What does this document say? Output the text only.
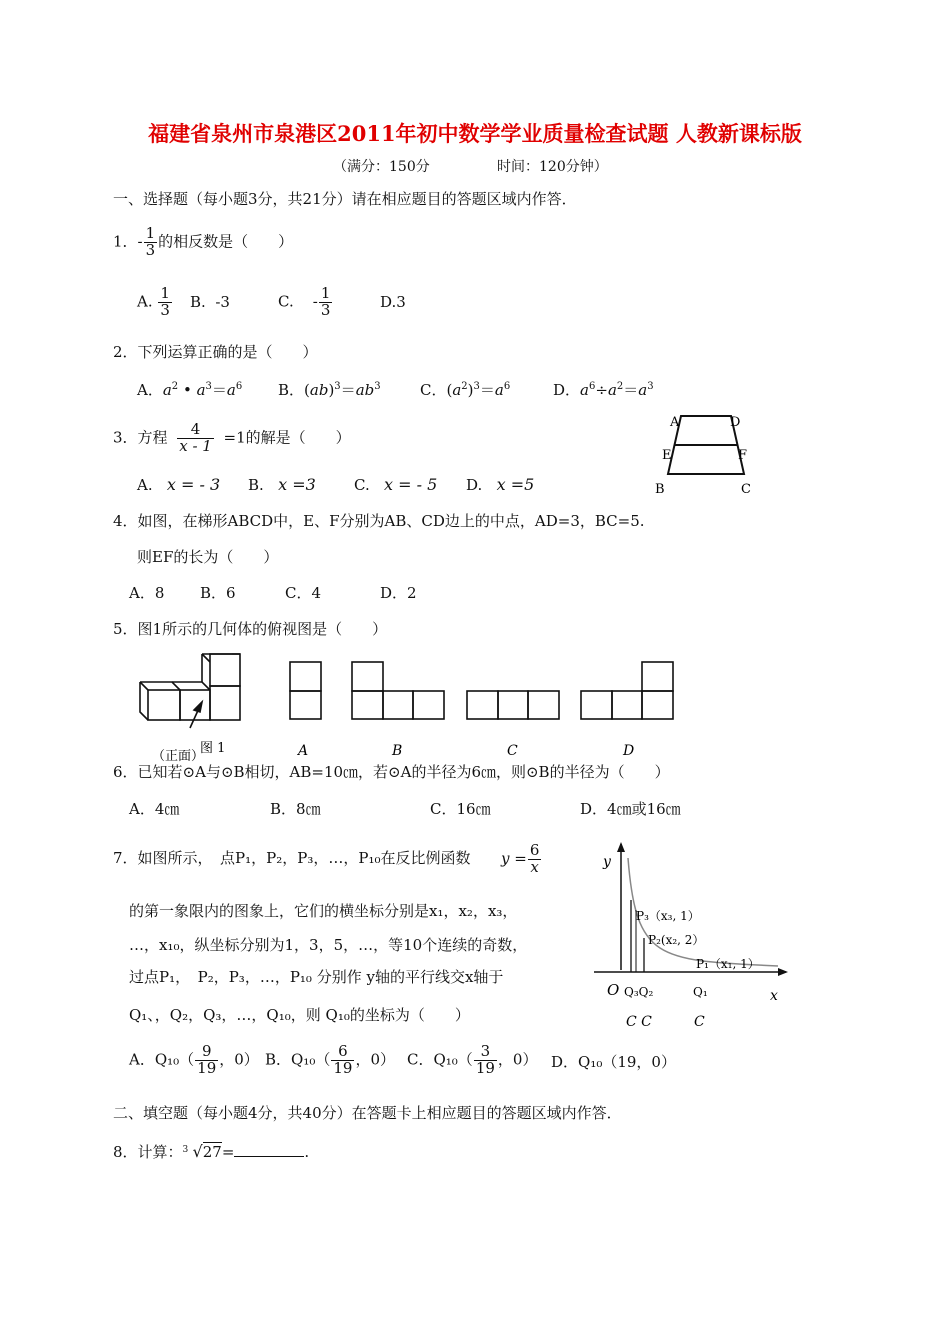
福建省泉州市泉港区2011年初中数学学业质量检查试题 人教新课标版
（满分：150分	时间：120分钟）
一、选择题（每小题3分，共21分）请在相应题目的答题区域内作答．
1．- $\frac{1}{3}$ 的相反数是（　　）
A. $\frac{1}{3} B$. -3	C. - $\frac{1}{3}$	D.3
2．下列运算正确的是（　　）
A．$a^2$ • $a^3=a^6$ B．$(ab)^3=ab^3$	C．$(a^2)^3=a^6$	D．$a^6\div a^2=a^3$
3．方程 $\frac{4}{x - 1} =1$的解是（　　）
A. x = - 3 B. x =3	C. x = - 5 D. x =5
A	D
E	F
B	C
4．如图，在梯形ABCD中，E、F分别为AB、CD边上的中点，AD=3，BC=5.
则EF的长为（　　）
A．8 B．6	C．4	D．2
5．图1所示的几何体的俯视图是（　　）
图 1
（正面）	A	B	C	D
6．已知若⊙A与⊙B相切，AB=10㎝，若⊙A的半径为6㎝，则⊙B的半径为（　　）
A．4㎝	B．8㎝	C．16㎝	D．4㎝或16㎝
7．如图所示，　点P₁，P₂，P₃，…，P₁₀在反比例函数 $y = \frac{6}{x}$
的第一象限内的图象上，它们的横坐标分别是x₁，x₂，x₃，
…，x₁₀，纵坐标分别为1，3，5，…，等10个连续的奇数，
过点P₁，　P₂，P₃，…，P₁₀ 分别作 y轴的平行线交x轴于
Q₁、，Q₂，Q₃，…，Q₁₀，则 Q₁₀的坐标为（　　）
y
x
O
P₃（x₃, 1）
P₂(x₂, 2）
P₁（x₁, 1）
Q₃Q₂	Q₁
C C	C
A．$Q_{10}( \frac{9}{19}$ ，0） B．$Q_{10}( \frac{6}{19}$ ，0） C．$Q_{10}( \frac{3}{19}$ ，0） D．Q₁₀（19，0）
二、填空题（每小题4分，共40分）在答题卡上相应题目的答题区域内作答．
8．计算： 3 √27=	.
